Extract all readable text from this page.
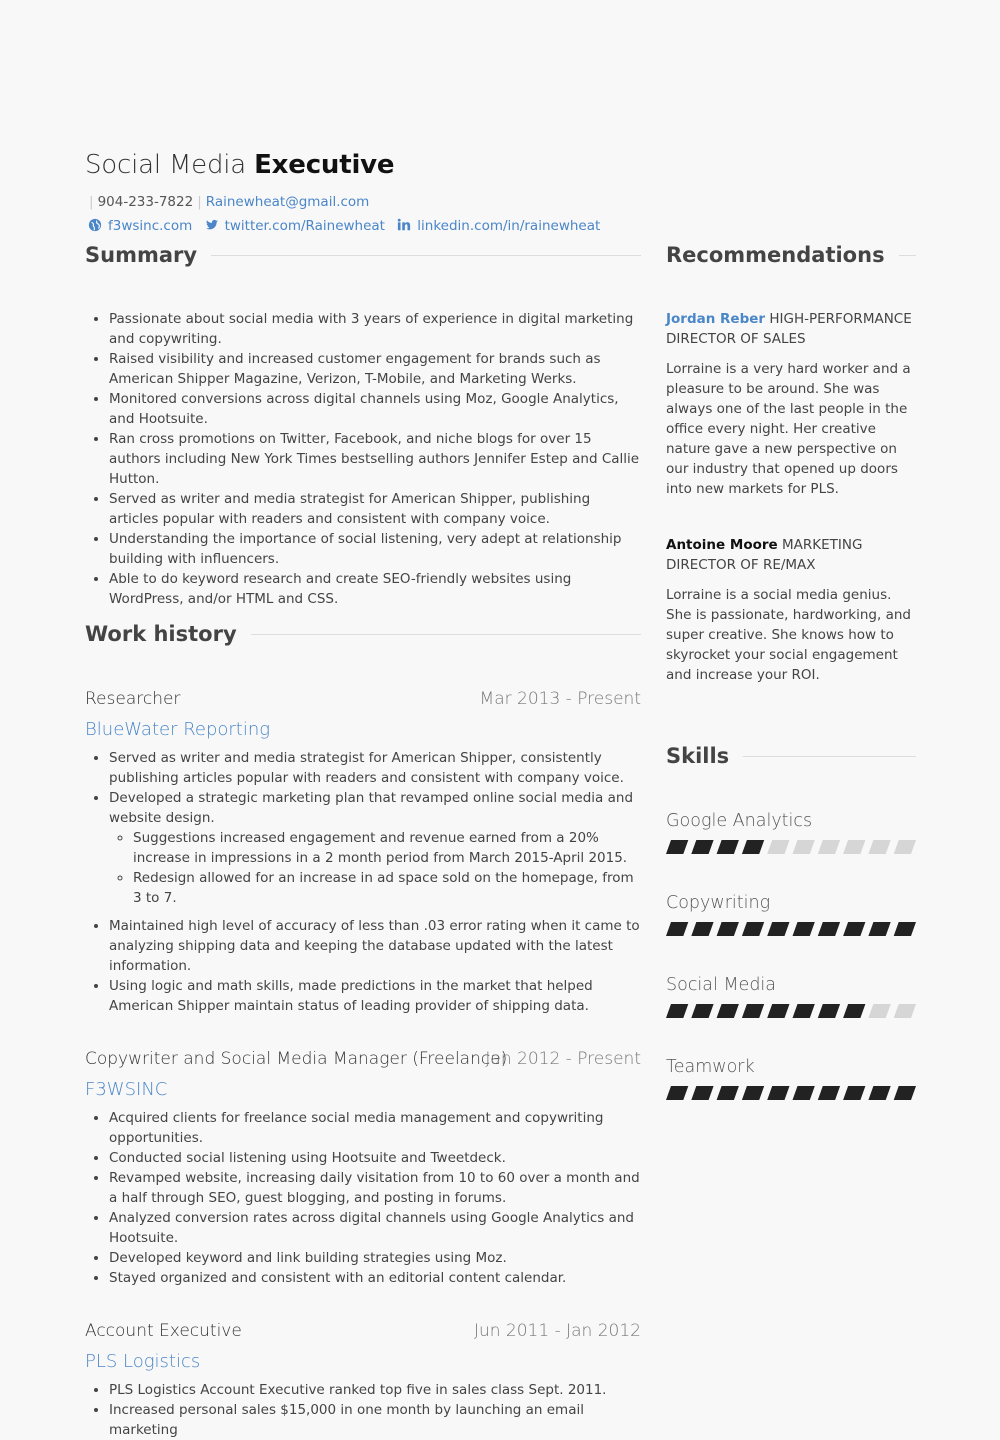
Social Media Executive
| 904-233-7822 | Rainewheat@gmail.com
f3wsinc.com twitter.com/Rainewheat linkedin.com/in/rainewheat
Summary
• Passionate about social media with 3 years of experience in digital marketing and copywriting.
• Raised visibility and increased customer engagement for brands such as American Shipper Magazine, Verizon, T-Mobile, and Marketing Werks.
• Monitored conversions across digital channels using Moz, Google Analytics, and Hootsuite.
• Ran cross promotions on Twitter, Facebook, and niche blogs for over 15 authors including New York Times bestselling authors Jennifer Estep and Callie Hutton.
• Served as writer and media strategist for American Shipper, publishing articles popular with readers and consistent with company voice.
• Understanding the importance of social listening, very adept at relationship building with influencers.
• Able to do keyword research and create SEO-friendly websites using WordPress, and/or HTML and CSS.
Work history
Researcher	Mar 2013 - Present
BlueWater Reporting
• Served as writer and media strategist for American Shipper, consistently publishing articles popular with readers and consistent with company voice.
• Developed a strategic marketing plan that revamped online social media and website design.
◦ Suggestions increased engagement and revenue earned from a 20% increase in impressions in a 2 month period from March 2015-April 2015.
◦ Redesign allowed for an increase in ad space sold on the homepage, from 3 to 7.
• Maintained high level of accuracy of less than .03 error rating when it came to analyzing shipping data and keeping the database updated with the latest information.
• Using logic and math skills, made predictions in the market that helped American Shipper maintain status of leading provider of shipping data.
Copywriter and Social Media Manager (Freelance)
Jan 2012 - Present
F3WSINC
• Acquired clients for freelance social media management and copywriting opportunities.
• Conducted social listening using Hootsuite and Tweetdeck.
• Revamped website, increasing daily visitation from 10 to 60 over a month and a half through SEO, guest blogging, and posting in forums.
• Analyzed conversion rates across digital channels using Google Analytics and Hootsuite.
• Developed keyword and link building strategies using Moz.
• Stayed organized and consistent with an editorial content calendar.
Account Executive	Jun 2011 - Jan 2012
PLS Logistics
• PLS Logistics Account Executive ranked top five in sales class Sept. 2011.
• Increased personal sales $15,000 in one month by launching an email marketing
Recommendations
Jordan Reber HIGH-PERFORMANCE DIRECTOR OF SALES

Lorraine is a very hard worker and a pleasure to be around. She was always one of the last people in the office every night. Her creative nature gave a new perspective on our industry that opened up doors into new markets for PLS.

Antoine Moore MARKETING DIRECTOR OF RE/MAX

Lorraine is a social media genius. She is passionate, hardworking, and super creative. She knows how to skyrocket your social engagement and increase your ROI.

Skills
Google Analytics
Copywriting
Social Media
Teamwork
